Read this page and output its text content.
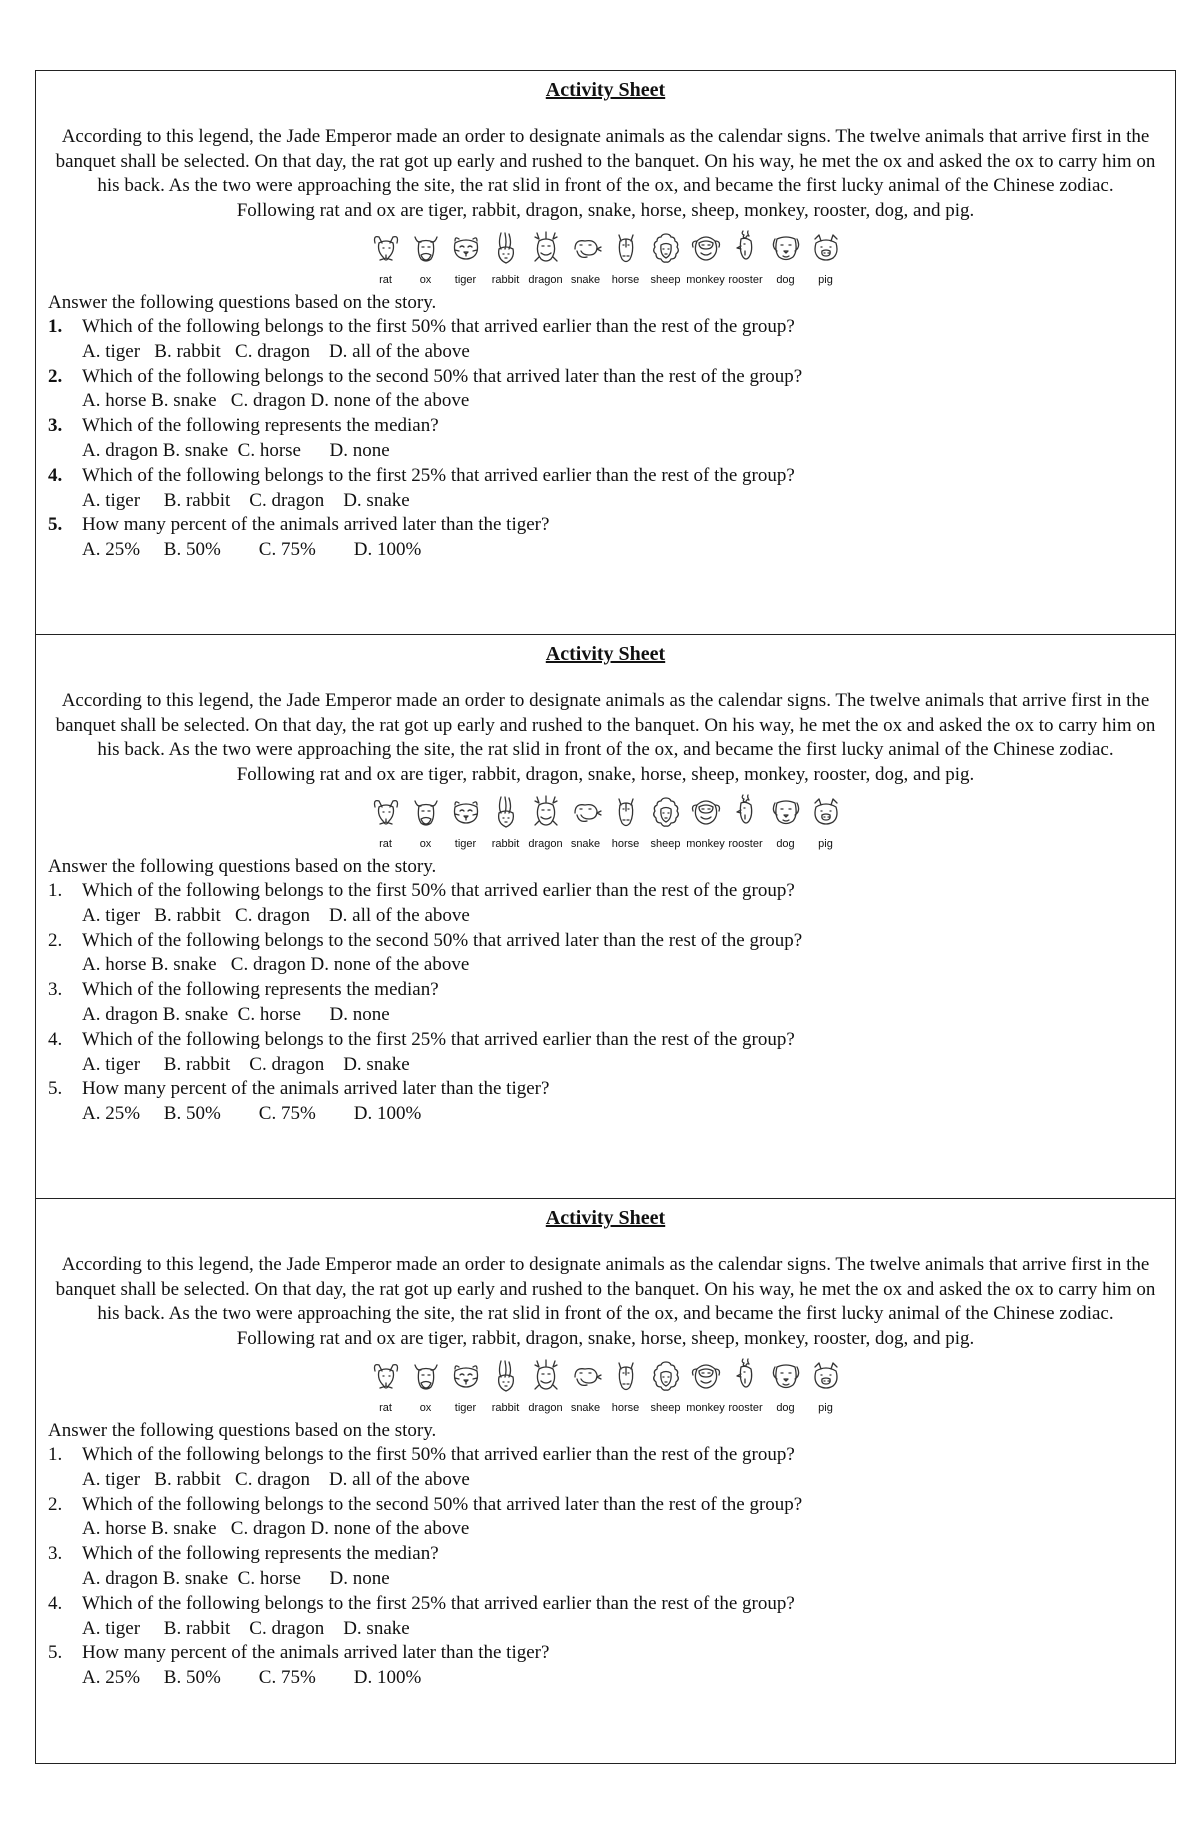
Activity Sheet

According to this legend, the Jade Emperor made an order to designate animals as the calendar signs. The twelve animals that arrive first in the banquet shall be selected. On that day, the rat got up early and rushed to the banquet. On his way, he met the ox and asked the ox to carry him on his back. As the two were approaching the site, the rat slid in front of the ox, and became the first lucky animal of the Chinese zodiac.
Following rat and ox are tiger, rabbit, dragon, snake, horse, sheep, monkey, rooster, dog, and pig.

rat	ox tiger rabbit dragon snake horse sheep monkey rooster dog pig
Answer the following questions based on the story.
1.	Which of the following belongs to the first 50% that arrived earlier than the rest of the group?
A. tiger   B. rabbit   C. dragon    D. all of the above
2.	Which of the following belongs to the second 50% that arrived later than the rest of the group?
A. horse B. snake   C. dragon D. none of the above
3.	Which of the following represents the median?
A. dragon B. snake  C. horse      D. none
4.	Which of the following belongs to the first 25% that arrived earlier than the rest of the group?
A. tiger     B. rabbit    C. dragon    D. snake
5.	How many percent of the animals arrived later than the tiger?
A. 25%     B. 50%        C. 75%        D. 100%
Activity Sheet

According to this legend, the Jade Emperor made an order to designate animals as the calendar signs. The twelve animals that arrive first in the banquet shall be selected. On that day, the rat got up early and rushed to the banquet. On his way, he met the ox and asked the ox to carry him on his back. As the two were approaching the site, the rat slid in front of the ox, and became the first lucky animal of the Chinese zodiac.
Following rat and ox are tiger, rabbit, dragon, snake, horse, sheep, monkey, rooster, dog, and pig.

rat	ox tiger rabbit dragon snake horse sheep monkey rooster dog pig
Answer the following questions based on the story.
1.	Which of the following belongs to the first 50% that arrived earlier than the rest of the group?
A. tiger   B. rabbit   C. dragon    D. all of the above
2.	Which of the following belongs to the second 50% that arrived later than the rest of the group?
A. horse B. snake   C. dragon D. none of the above
3.	Which of the following represents the median?
A. dragon B. snake  C. horse      D. none
4.	Which of the following belongs to the first 25% that arrived earlier than the rest of the group?
A. tiger     B. rabbit    C. dragon    D. snake
5.	How many percent of the animals arrived later than the tiger?
A. 25%     B. 50%        C. 75%        D. 100%
Activity Sheet

According to this legend, the Jade Emperor made an order to designate animals as the calendar signs. The twelve animals that arrive first in the banquet shall be selected. On that day, the rat got up early and rushed to the banquet. On his way, he met the ox and asked the ox to carry him on his back. As the two were approaching the site, the rat slid in front of the ox, and became the first lucky animal of the Chinese zodiac.
Following rat and ox are tiger, rabbit, dragon, snake, horse, sheep, monkey, rooster, dog, and pig.

rat	ox tiger rabbit dragon snake horse sheep monkey rooster dog pig
Answer the following questions based on the story.
1.	Which of the following belongs to the first 50% that arrived earlier than the rest of the group?
A. tiger   B. rabbit   C. dragon    D. all of the above
2.	Which of the following belongs to the second 50% that arrived later than the rest of the group?
A. horse B. snake   C. dragon D. none of the above
3.	Which of the following represents the median?
A. dragon B. snake  C. horse      D. none
4.	Which of the following belongs to the first 25% that arrived earlier than the rest of the group?
A. tiger     B. rabbit    C. dragon    D. snake
5.	How many percent of the animals arrived later than the tiger?
A. 25%     B. 50%        C. 75%        D. 100%
